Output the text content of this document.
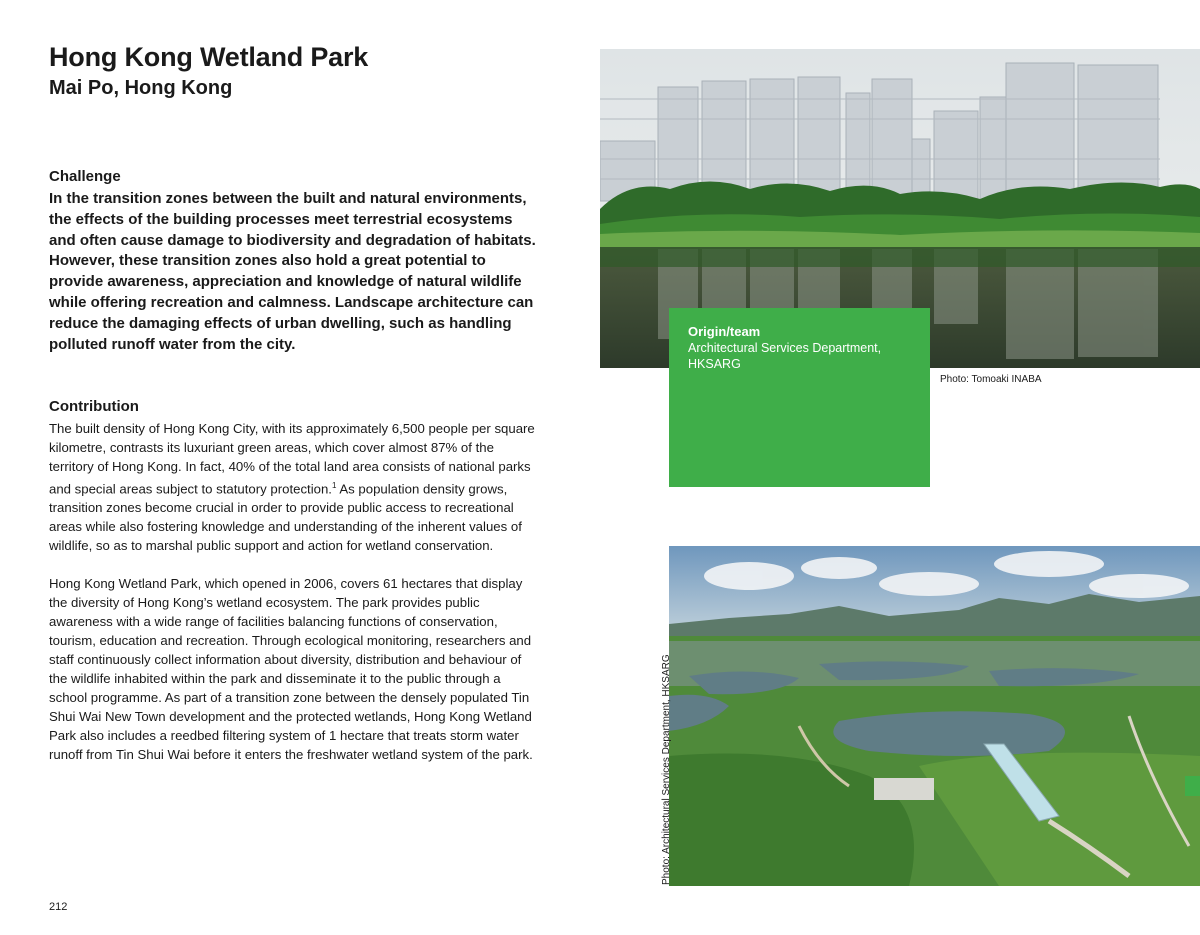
Hong Kong Wetland Park
Mai Po, Hong Kong
Challenge

In the transition zones between the built and natural environments, the effects of the building processes meet terrestrial ecosystems and often cause damage to biodiversity and degradation of habitats. However, these transition zones also hold a great potential to provide awareness, appreciation and knowledge of natural wildlife while offering recreation and calmness. Landscape architecture can reduce the damaging effects of urban dwelling, such as handling polluted runoff water from the city.

Contribution

The built density of Hong Kong City, with its approximately 6,500 people per square kilometre, contrasts its luxuriant green areas, which cover almost 87% of the territory of Hong Kong. In fact, 40% of the total land area consists of national parks and special areas subject to statutory protection.$^1$ As population density grows, transition zones become crucial in order to provide public access to recreational areas while also fostering knowledge and understanding of the inherent values of wildlife, so as to marshal public support and action for wetland conservation.

Hong Kong Wetland Park, which opened in 2006, covers 61 hectares that display the diversity of Hong Kong’s wetland ecosystem. The park provides public awareness with a wide range of facilities balancing functions of conservation, tourism, education and recreation. Through ecological monitoring, researchers and staff continuously collect information about diversity, distribution and behaviour of the wildlife inhabited within the park and disseminate it to the public through a school programme. As part of a transition zone between the densely populated Tin Shui Wai New Town development and the protected wetlands, Hong Kong Wetland Park also includes a reedbed filtering system of 1 hectare that treats storm water runoff from Tin Shui Wai before it enters the freshwater wetland system of the park.

212

Origin/team

Architectural Services Department, HKSARG

Photo: Tomoaki INABA
Photo: Architectural Services Department, HKSARG
